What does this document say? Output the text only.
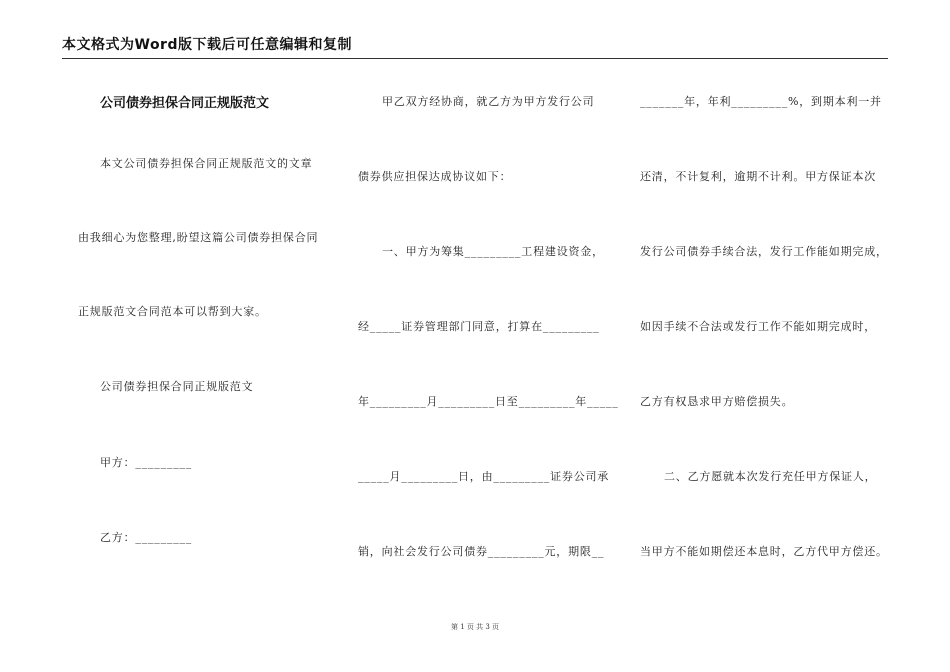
本文格式为Word版下载后可任意编辑和复制
公司债券担保合同正规版范文
本文公司债券担保合同正规版范文的文章
由我细心为您整理,盼望这篇公司债券担保合同
正规版范文合同范本可以帮到大家。
公司债券担保合同正规版范文
甲方：_________
乙方：_________
甲乙双方经协商，就乙方为甲方发行公司
债券供应担保达成协议如下：
一、甲方为筹集_________工程建设资金，
经_____证券管理部门同意，打算在_________
年_________月_________日至_________年_____
_____月_________日，由_________证券公司承
销，向社会发行公司债券_________元，期限__
_______年，年利_________%，到期本利一并
还清，不计复利，逾期不计利。甲方保证本次
发行公司债券手续合法，发行工作能如期完成，
如因手续不合法或发行工作不能如期完成时，
乙方有权恳求甲方赔偿损失。
二、乙方愿就本次发行充任甲方保证人，
当甲方不能如期偿还本息时，乙方代甲方偿还。
第 1 页 共 3 页
